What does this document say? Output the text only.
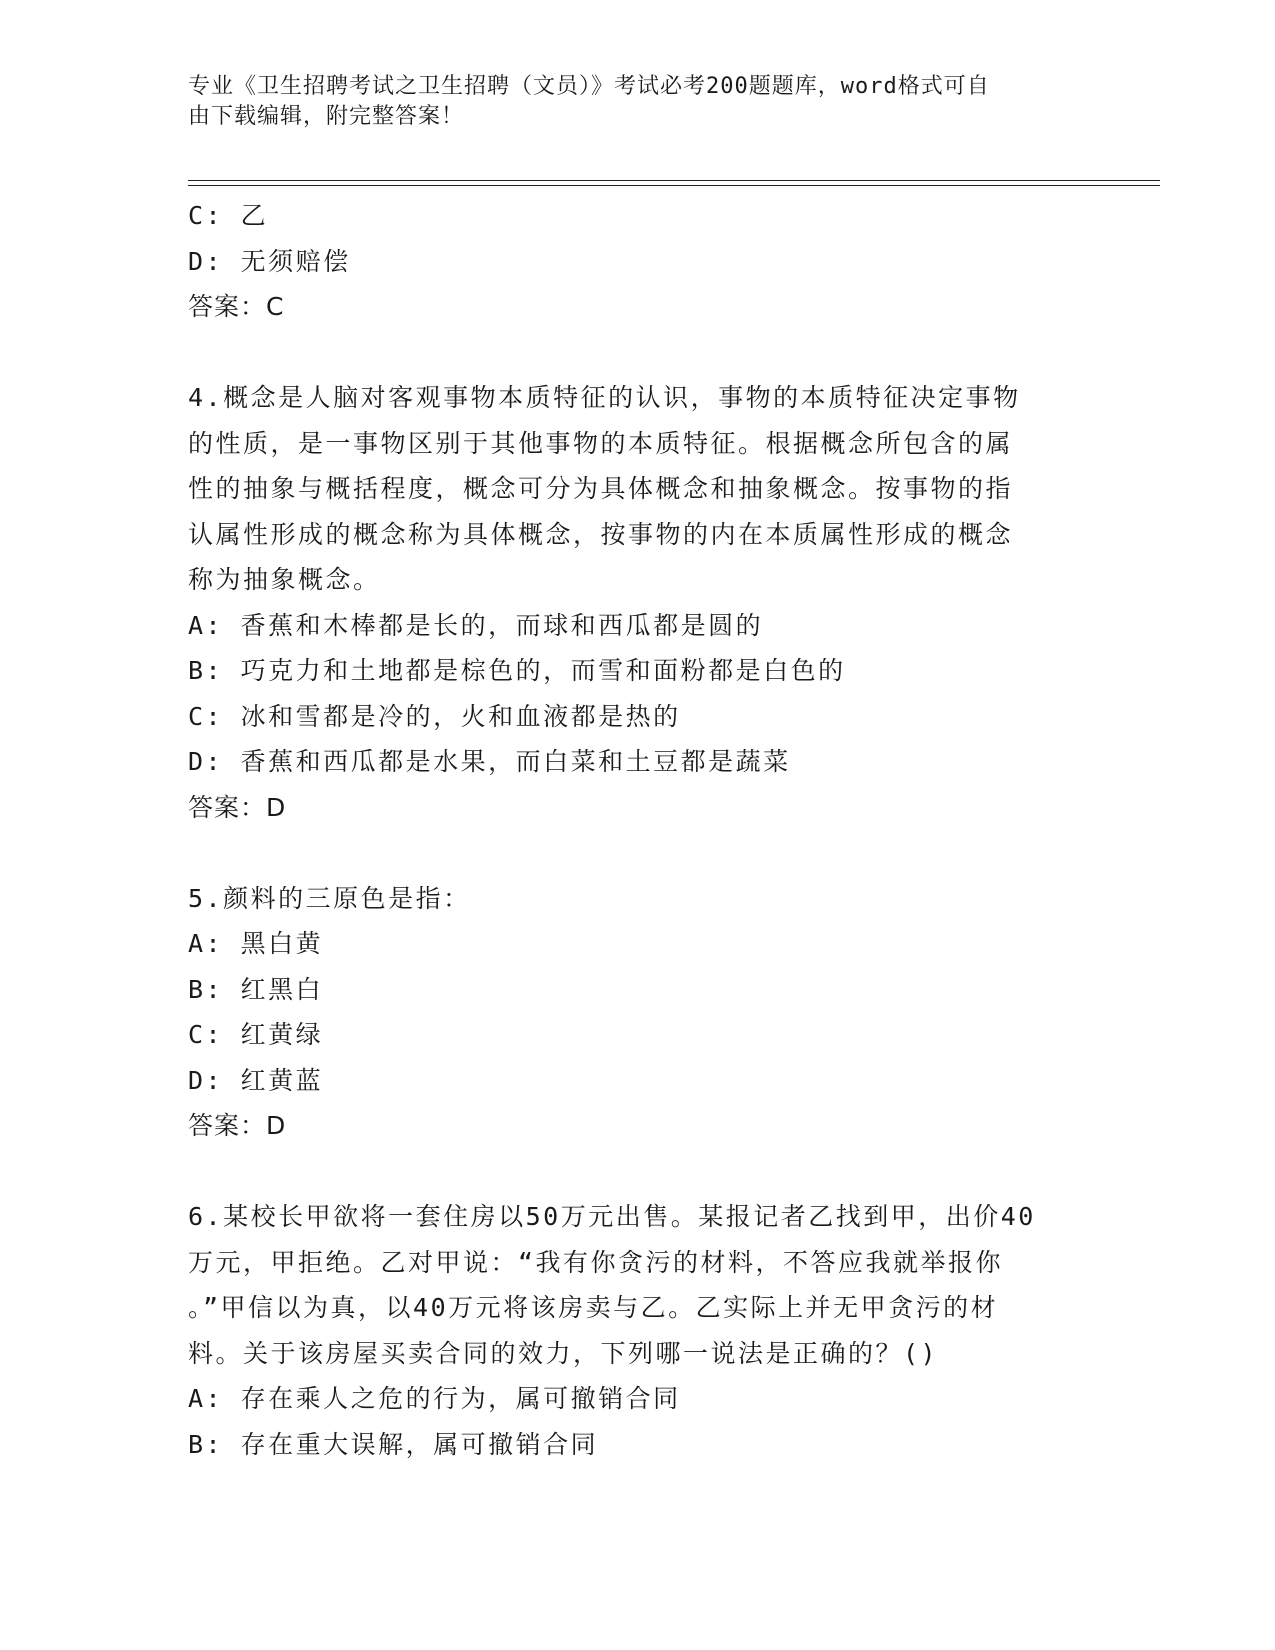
专业《卫生招聘考试之卫生招聘（文员）》考试必考200题题库，word格式可自
由下载编辑，附完整答案！
C: 乙
D: 无须赔偿
答案：C
4.概念是人脑对客观事物本质特征的认识，事物的本质特征决定事物
的性质，是一事物区别于其他事物的本质特征。根据概念所包含的属
性的抽象与概括程度，概念可分为具体概念和抽象概念。按事物的指
认属性形成的概念称为具体概念，按事物的内在本质属性形成的概念
称为抽象概念。
A: 香蕉和木棒都是长的，而球和西瓜都是圆的
B: 巧克力和土地都是棕色的，而雪和面粉都是白色的
C: 冰和雪都是冷的，火和血液都是热的
D: 香蕉和西瓜都是水果，而白菜和土豆都是蔬菜
答案：D
5.颜料的三原色是指：
A: 黑白黄
B: 红黑白
C: 红黄绿
D: 红黄蓝
答案：D
6.某校长甲欲将一套住房以50万元出售。某报记者乙找到甲，出价40
万元，甲拒绝。乙对甲说：“我有你贪污的材料，不答应我就举报你
。”甲信以为真，以40万元将该房卖与乙。乙实际上并无甲贪污的材
料。关于该房屋买卖合同的效力，下列哪一说法是正确的？()
A: 存在乘人之危的行为，属可撤销合同
B: 存在重大误解，属可撤销合同
